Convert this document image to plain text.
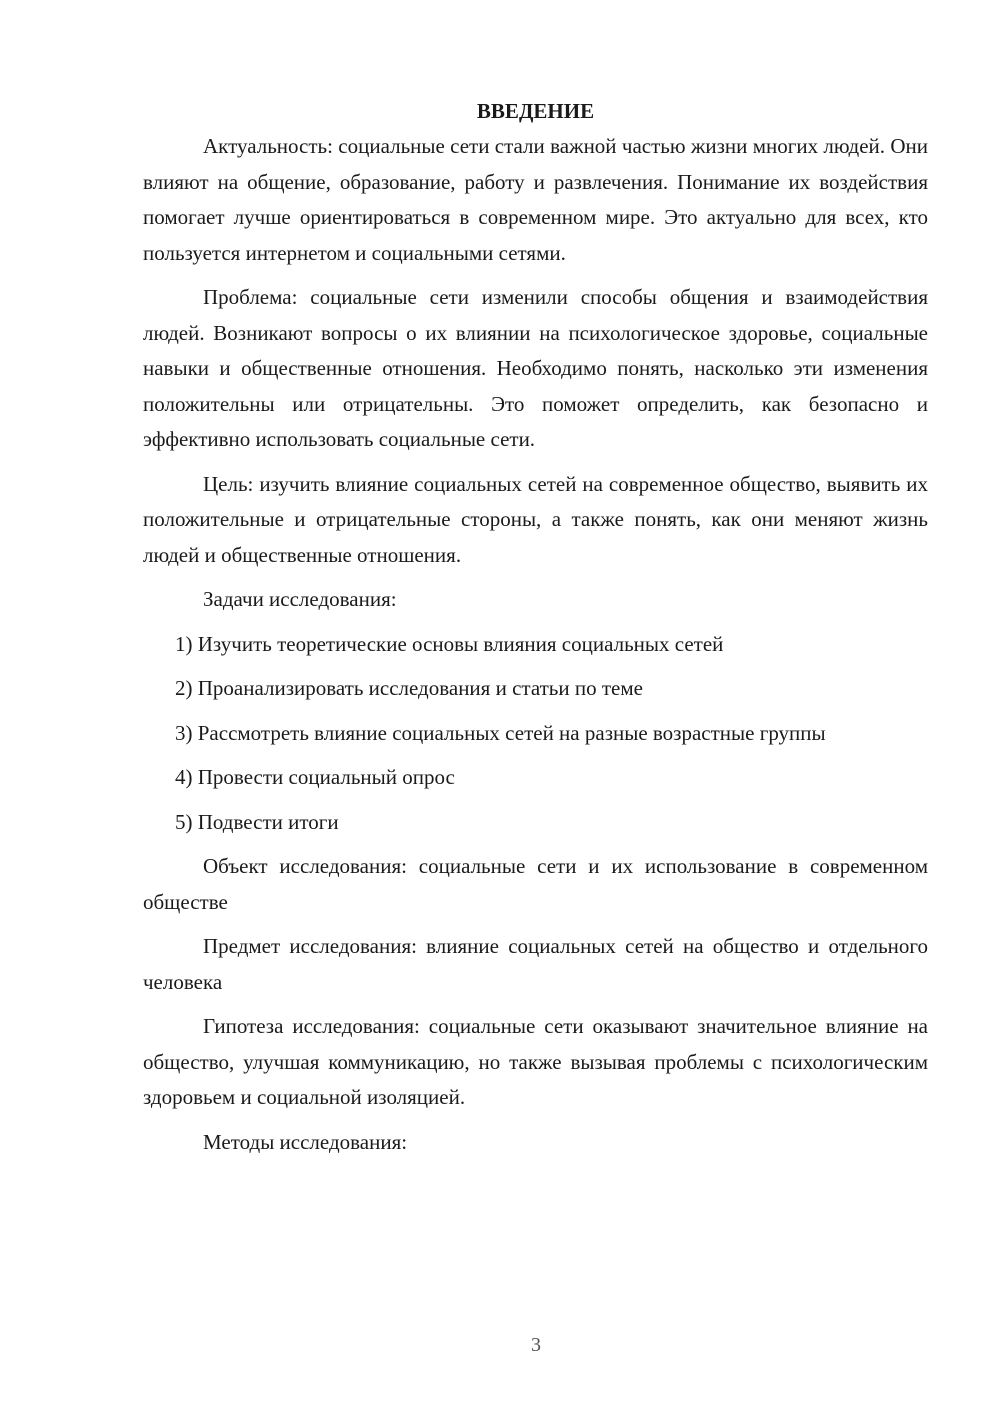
ВВЕДЕНИЕ

Актуальность: социальные сети стали важной частью жизни многих людей. Они влияют на общение, образование, работу и развлечения. Понимание их воздействия помогает лучше ориентироваться в современном мире. Это актуально для всех, кто пользуется интернетом и социальными сетями.

Проблема: социальные сети изменили способы общения и взаимодействия людей. Возникают вопросы о их влиянии на психологическое здоровье, социальные навыки и общественные отношения. Необходимо понять, насколько эти изменения положительны или отрицательны. Это поможет определить, как безопасно и эффективно использовать социальные сети.

Цель: изучить влияние социальных сетей на современное общество, выявить их положительные и отрицательные стороны, а также понять, как они меняют жизнь людей и общественные отношения.

Задачи исследования:

1) Изучить теоретические основы влияния социальных сетей

2) Проанализировать исследования и статьи по теме

3) Рассмотреть влияние социальных сетей на разные возрастные группы

4) Провести социальный опрос

5) Подвести итоги

Объект исследования: социальные сети и их использование в современном обществе

Предмет исследования: влияние социальных сетей на общество и отдельного человека

Гипотеза исследования: социальные сети оказывают значительное влияние на общество, улучшая коммуникацию, но также вызывая проблемы с психологическим здоровьем и социальной изоляцией.

Методы исследования:

3
